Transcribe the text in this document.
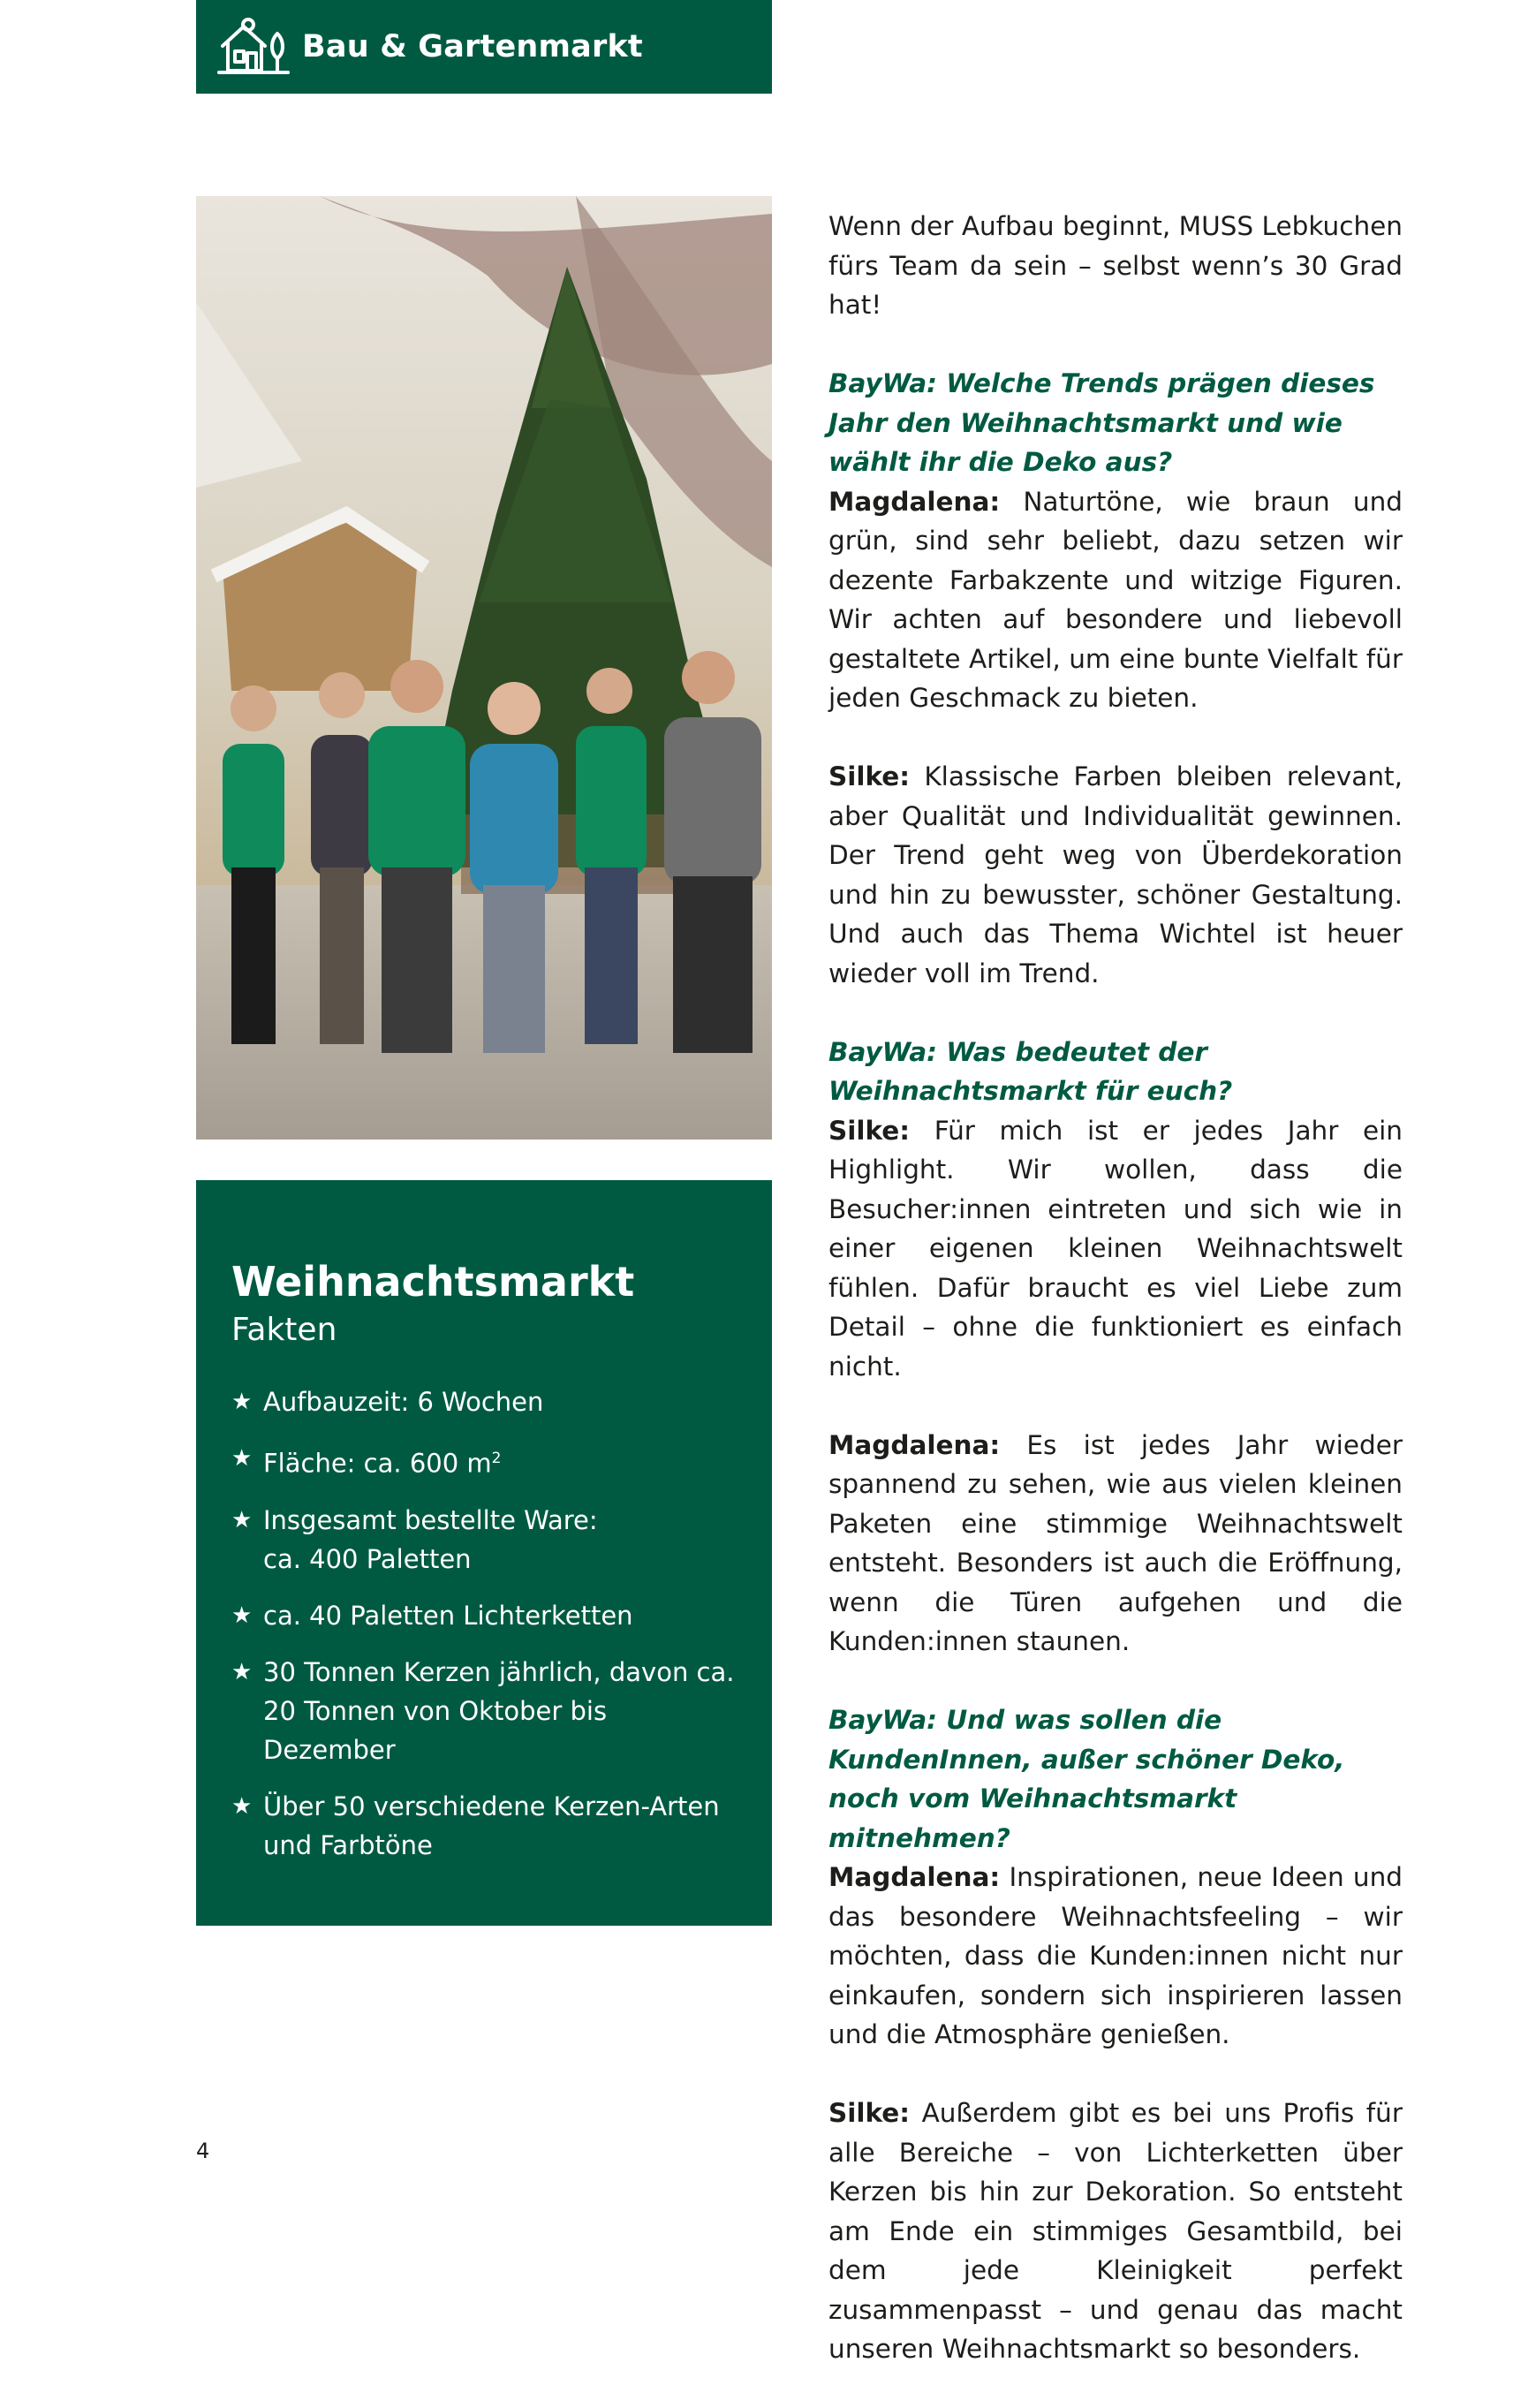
Bau & Gartenmarkt
Weihnachtsmarkt
Fakten
★ Aufbauzeit: 6 Wochen
★ Fläche: ca. 600 $m^2$
★ Insgesamt bestellte Ware:
ca. 400 Paletten
★ ca. 40 Paletten Lichterketten
★ 30 Tonnen Kerzen jährlich, davon ca. 20 Tonnen von Oktober bis Dezember
★ Über 50 verschiedene Kerzen-Arten und Farbtöne

Wenn der Aufbau beginnt, MUSS Lebkuchen fürs Team da sein – selbst wenn’s 30 Grad hat!

BayWa: Welche Trends prägen dieses Jahr den Weihnachtsmarkt und wie wählt ihr die Deko aus?

Magdalena: Naturtöne, wie braun und grün, sind sehr beliebt, dazu setzen wir dezente Farbakzente und witzige Figuren. Wir achten auf besondere und liebevoll gestaltete Artikel, um eine bunte Vielfalt für jeden Geschmack zu bieten.

Silke: Klassische Farben bleiben relevant, aber Qualität und Individualität gewinnen. Der Trend geht weg von Überdekoration und hin zu bewusster, schöner Gestaltung. Und auch das Thema Wichtel ist heuer wieder voll im Trend.

BayWa: Was bedeutet der Weihnachtsmarkt für euch?

Silke: Für mich ist er jedes Jahr ein Highlight. Wir wollen, dass die Besucher:innen eintreten und sich wie in einer eigenen kleinen Weihnachtswelt fühlen. Dafür braucht es viel Liebe zum Detail – ohne die funktioniert es einfach nicht.

Magdalena: Es ist jedes Jahr wieder spannend zu sehen, wie aus vielen kleinen Paketen eine stimmige Weihnachtswelt entsteht. Besonders ist auch die Eröffnung, wenn die Türen aufgehen und die Kunden:innen staunen.

BayWa: Und was sollen die KundenInnen, außer schöner Deko, noch vom Weihnachtsmarkt mitnehmen?

Magdalena: Inspirationen, neue Ideen und das besondere Weihnachtsfeeling – wir möchten, dass die Kunden:innen nicht nur einkaufen, sondern sich inspirieren lassen und die Atmosphäre genießen.

Silke: Außerdem gibt es bei uns Profis für alle Bereiche – von Lichterketten über Kerzen bis hin zur Dekoration. So entsteht am Ende ein stimmiges Gesamtbild, bei dem jede Kleinigkeit perfekt zusammenpasst – und genau das macht unseren Weihnachtsmarkt so besonders.

4
